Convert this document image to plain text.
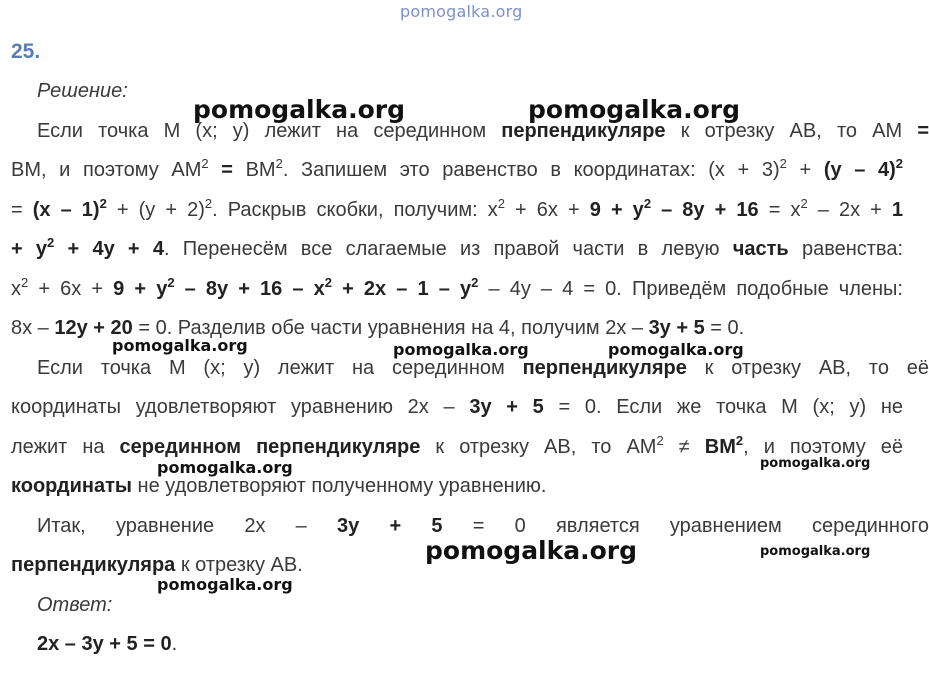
pomogalka.org
pomogalka.org	pomogalka.org
pomogalka.org	pomogalka.org	pomogalka.org
pomogalka.org	pomogalka.org
pomogalka.org	pomogalka.org
pomogalka.org
25.
Решение:
Если точка М (х; у) лежит на серединном перпендикуляре к отрезку АВ, то АМ =
ВМ, и поэтому $АМ^2 = ВМ^2$. Запишем это равенство в координатах: $(х + 3)^2 + (у - 4)^2$
= $(х - 1)^2 + (у + 2)^2$. Раскрыв скобки, получим: $х^2 + 6х + 9 + у^2 - 8у + 16 = х^2 - 2х + 1$
+ $у^2 + 4у + 4$. Перенесём все слагаемые из правой части в левую часть равенства:
$х^2 + 6х + 9 + у^2 - 8у + 16 - х^2 + 2х - 1 - у^2 - 4у - 4 = 0$. Приведём подобные члены:
8х – 12у + 20 = 0. Разделив обе части уравнения на 4, получим 2х – 3у + 5 = 0.
Если точка М (х; у) лежит на серединном перпендикуляре к отрезку АВ, то её
координаты удовлетворяют уравнению 2х – 3у + 5 = 0. Если же точка М (х; у) не
лежит на серединном перпендикуляре к отрезку АВ, то $АМ^2 \ne ВМ^2$, и поэтому её
координаты не удовлетворяют полученному уравнению.
Итак, уравнение 2х – 3у + 5 = 0 является уравнением серединного
перпендикуляра к отрезку АВ.
Ответ:
2х – 3у + 5 = 0.
